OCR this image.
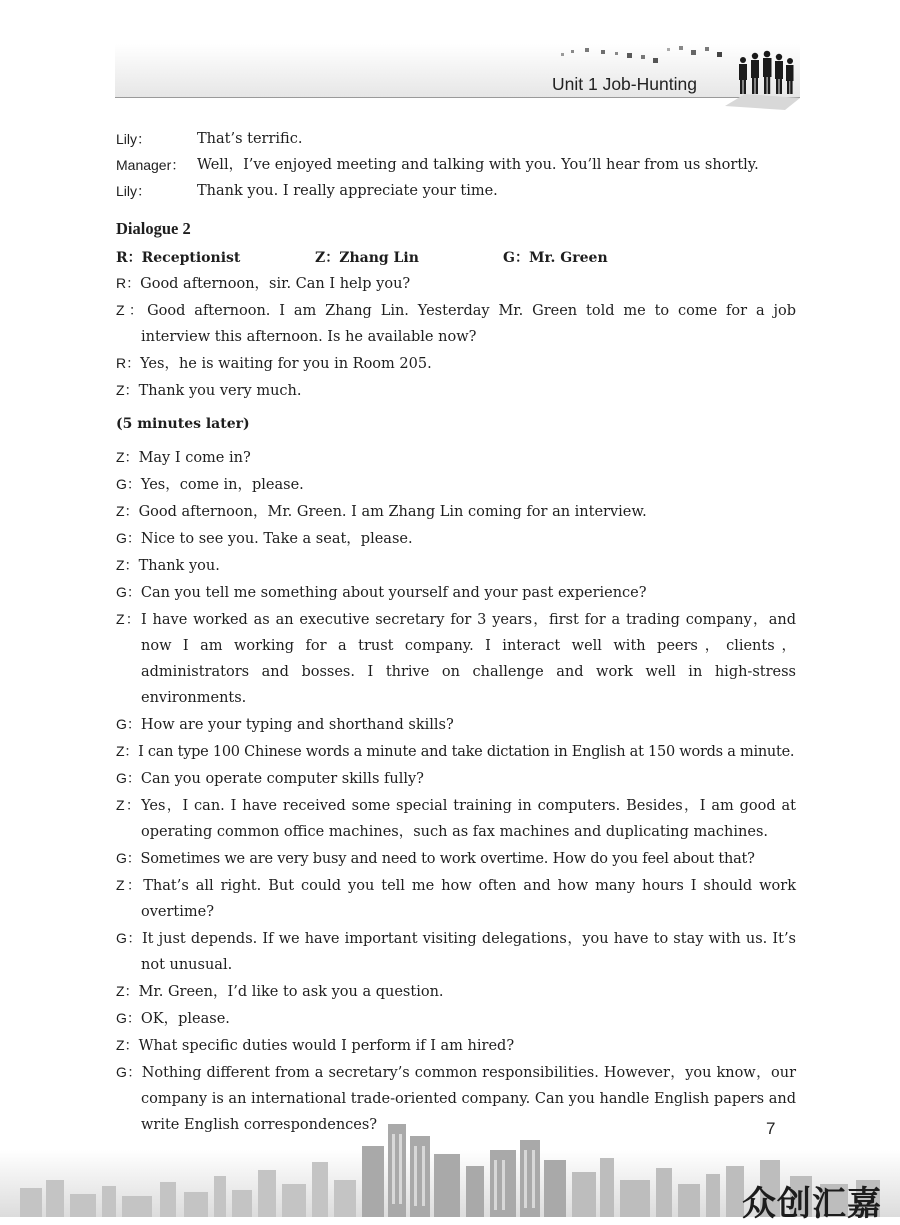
Unit 1 Job-Hunting
Lily：	That’s terrific.
Manager： Well，I’ve enjoyed meeting and talking with you. You’ll hear from us shortly.
Lily：	Thank you. I really appreciate your time.
Dialogue 2
R：Receptionist	Z：Zhang Lin	G：Mr. Green
R：Good afternoon，sir. Can I help you?
Z：Good afternoon. I am Zhang Lin. Yesterday Mr. Green told me to come for a job interview this afternoon. Is he available now?
R：Yes，he is waiting for you in Room 205.
Z：Thank you very much.
(5 minutes later)
Z：May I come in?
G：Yes，come in，please.
Z：Good afternoon，Mr. Green. I am Zhang Lin coming for an interview.
G：Nice to see you. Take a seat，please.
Z：Thank you.
G：Can you tell me something about yourself and your past experience?
Z：I have worked as an executive secretary for 3 years，first for a trading company，and now I am working for a trust company. I interact well with peers，clients，administrators and bosses. I thrive on challenge and work well in high-stress environments.
G：How are your typing and shorthand skills?
Z：I can type 100 Chinese words a minute and take dictation in English at 150 words a minute.
G：Can you operate computer skills fully?
Z：Yes，I can. I have received some special training in computers. Besides，I am good at operating common office machines，such as fax machines and duplicating machines.
G：Sometimes we are very busy and need to work overtime. How do you feel about that?
Z：That’s all right. But could you tell me how often and how many hours I should work overtime?
G：It just depends. If we have important visiting delegations，you have to stay with us. It’s not unusual.
Z：Mr. Green，I’d like to ask you a question.
G：OK，please.
Z：What specific duties would I perform if I am hired?
G：Nothing different from a secretary’s common responsibilities. However，you know，our company is an international trade-oriented company. Can you handle English papers and write English correspondences?	7
众创汇嘉
